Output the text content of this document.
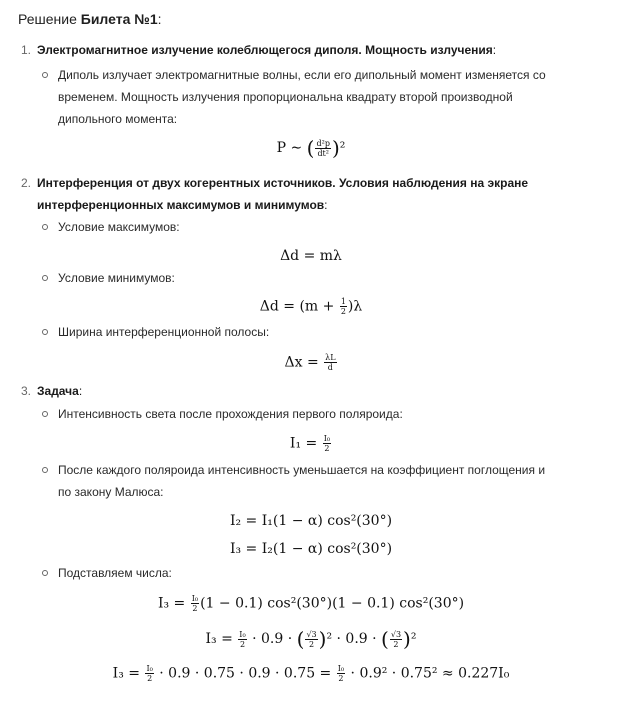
Решение Билета №1:
1. Электромагнитное излучение колеблющегося диполя. Мощность излучения:
Диполь излучает электромагнитные волны, если его дипольный момент изменяется со
временем. Мощность излучения пропорциональна квадрату второй производной
дипольного момента:
P ∼ ( $\frac{\text{d²p}}{\text{dt²}} )^2$
2. Интерференция от двух когерентных источников. Условия наблюдения на экране
интерференционных максимумов и минимумов:
Условие максимумов:
Δd = mλ
Условие минимумов:
$\Delta d = (m + \frac{1}{2} )\lambda$
Ширина интерференционной полосы:
$\Delta x = \frac{\lambda L}{d}$
3. Задача:
Интенсивность света после прохождения первого поляроида:
$I_1 = \frac{\text{I₀}}{2}$
После каждого поляроида интенсивность уменьшается на коэффициент поглощения и
по закону Малюса:
I₂ = I₁(1 − α) cos²(30°)
I₃ = I₂(1 − α) cos²(30°)
Подставляем числа:
$I_3 = \frac{\text{I₀}}{2} (1 - 0.1) \cos^2(30^\circ)(1 - 0.1)$ cos²(30°)
$I_3 = \frac{\text{I₀}}{2} \cdot 0.9$ · ( $\frac{√3}{2} )^2 \cdot 0.9$ · ( $\frac{√3}{2} )^2$
$I_3 = \frac{\text{I₀}}{2} \cdot 0.9 \cdot 0.75 \cdot 0.9 \cdot 0.75 = \frac{\text{I₀}}{2} \cdot 0.9^2 \cdot 0.75^2 \approx 0.227I_0$
